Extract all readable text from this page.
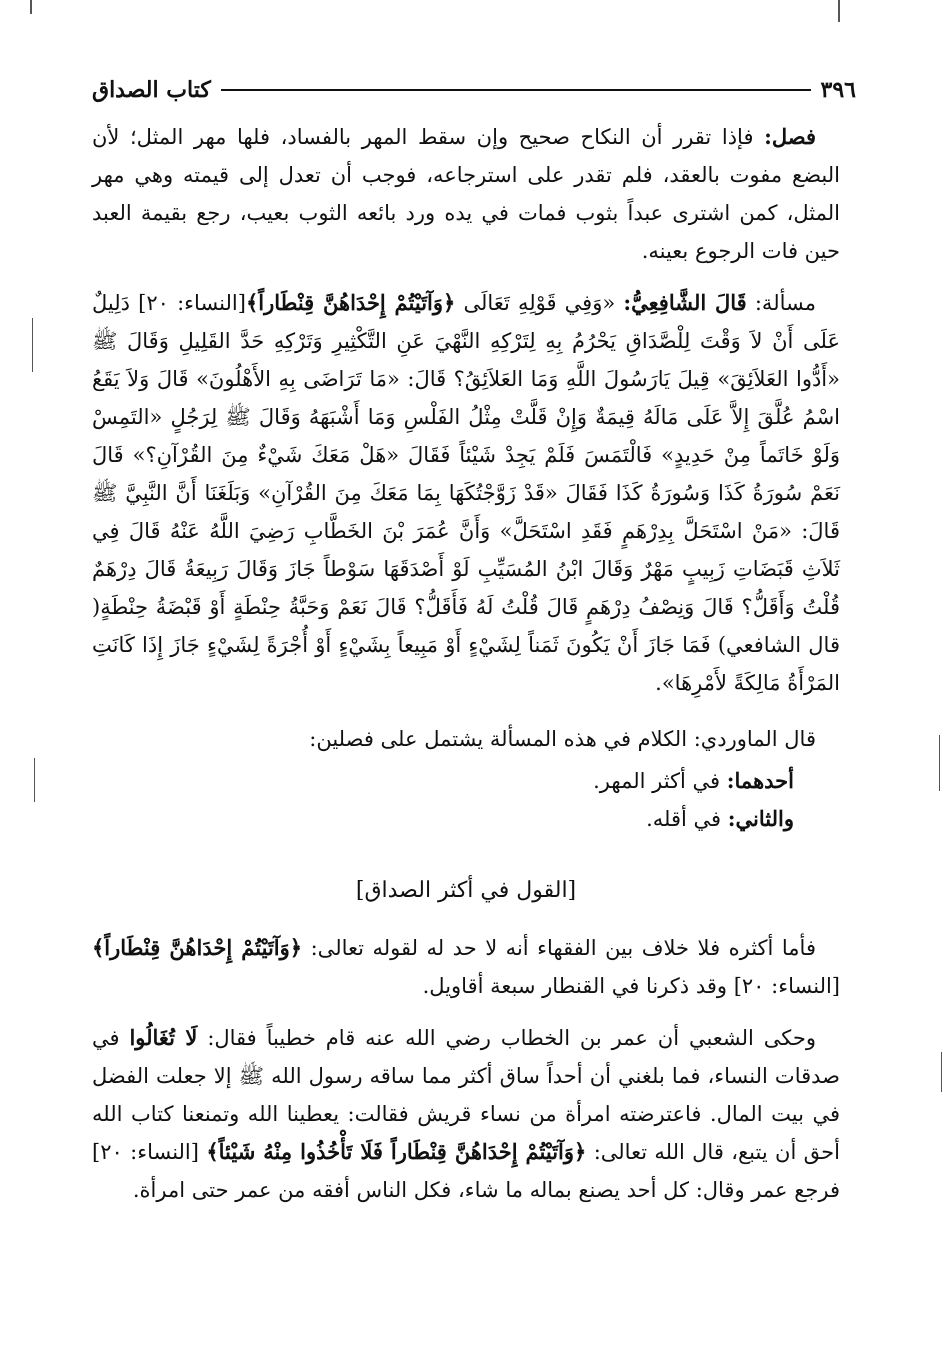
٣٩٦
كتاب الصداق

فصل: فإذا تقرر أن النكاح صحيح وإن سقط المهر بالفساد، فلها مهر المثل؛ لأن البضع مفوت بالعقد، فلم تقدر على استرجاعه، فوجب أن تعدل إلى قيمته وهي مهر المثل، كمن اشترى عبداً بثوب فمات في يده ورد بائعه الثوب بعيب، رجع بقيمة العبد حين فات الرجوع بعينه.

مسألة: قَالَ الشَّافِعِيُّ: «وَفِي قَوْلِهِ تَعَالَى ﴿وَآتَيْتُمْ إِحْدَاهُنَّ قِنْطَاراً﴾[النساء: ٢٠] دَلِيلٌ عَلَى أَنْ لاَ وَقْتَ لِلْصَّدَاقِ يَحْرُمُ بِهِ لِتَرْكِهِ النَّهْيَ عَنِ التَّكْثِيرِ وَتَرْكِهِ حَدَّ القَلِيلِ وَقَالَ ﷺ «أَدُّوا العَلاَئِقَ» قِيلَ يَارَسُولَ اللَّهِ وَمَا العَلاَئِقُ؟ قَالَ: «مَا تَرَاضَى بِهِ الأَهْلُونَ» قَالَ وَلاَ يَقَعُ اسْمُ عُلَّقَ إِلاَّ عَلَى مَالَهُ قِيمَةٌ وَإِنْ قَلَّتْ مِثْلُ الفَلْسِ وَمَا أَشْبَهَهُ وَقَالَ ﷺ لِرَجُلٍ «التَمِسْ وَلَوْ خَاتَماً مِنْ حَدِيدٍ» فَالْتَمَسَ فَلَمْ يَجِدْ شَيْئاً فَقَالَ «هَلْ مَعَكَ شَيْءٌ مِنَ القُرْآنِ؟» قَالَ نَعَمْ سُورَةُ كَذَا وَسُورَةُ كَذَا فَقَالَ «قَدْ زَوَّجْتُكَهَا بِمَا مَعَكَ مِنَ القُرْآنِ» وَبَلَغَنَا أَنَّ النَّبِيَّ ﷺ قَالَ: «مَنْ اسْتَحَلَّ بِدِرْهَمٍ فَقَدِ اسْتَحَلَّ» وَأَنَّ عُمَرَ بْنَ الخَطَّابِ رَضِيَ اللَّهُ عَنْهُ قَالَ فِي ثَلاَثِ قَبَضَاتِ زَبِيبٍ مَهْرٌ وَقَالَ ابْنُ المُسَيِّبِ لَوْ أَصْدَقَهَا سَوْطاً جَازَ وَقَالَ رَبِيعَةُ قَالَ دِرْهَمٌ قُلْتُ وَأَقَلُّ؟ قَالَ وَنِصْفُ دِرْهَمٍ قَالَ قُلْتُ لَهُ فَأَقَلُّ؟ قَالَ نَعَمْ وَحَبَّةُ حِنْطَةٍ أَوْ قَبْضَةُ حِنْطَةٍ( قال الشافعي) فَمَا جَازَ أَنْ يَكُونَ ثَمَناً لِشَيْءٍ أَوْ مَبِيعاً بِشَيْءٍ أَوْ أُجْرَةً لِشَيْءٍ جَازَ إِذَا كَانَتِ المَرْأَةُ مَالِكَةً لأَمْرِهَا».

قال الماوردي: الكلام في هذه المسألة يشتمل على فصلين:

أحدهما: في أكثر المهر.

والثاني: في أقله.

[القول في أكثر الصداق]

فأما أكثره فلا خلاف بين الفقهاء أنه لا حد له لقوله تعالى: ﴿وَآتَيْتُمْ إِحْدَاهُنَّ قِنْطَاراً﴾ [النساء: ٢٠] وقد ذكرنا في القنطار سبعة أقاويل.

وحكى الشعبي أن عمر بن الخطاب رضي الله عنه قام خطيباً فقال: لَا تُغَالُوا في صدقات النساء، فما بلغني أن أحداً ساق أكثر مما ساقه رسول الله ﷺ إلا جعلت الفضل في بيت المال. فاعترضته امرأة من نساء قريش فقالت: يعطينا الله وتمنعنا كتاب الله أحق أن يتبع، قال الله تعالى: ﴿وَآتَيْتُمْ إِحْدَاهُنَّ قِنْطَاراً فَلَا تَأْخُذُوا مِنْهُ شَيْئاً﴾ [النساء: ٢٠] فرجع عمر وقال: كل أحد يصنع بماله ما شاء، فكل الناس أفقه من عمر حتى امرأة.
